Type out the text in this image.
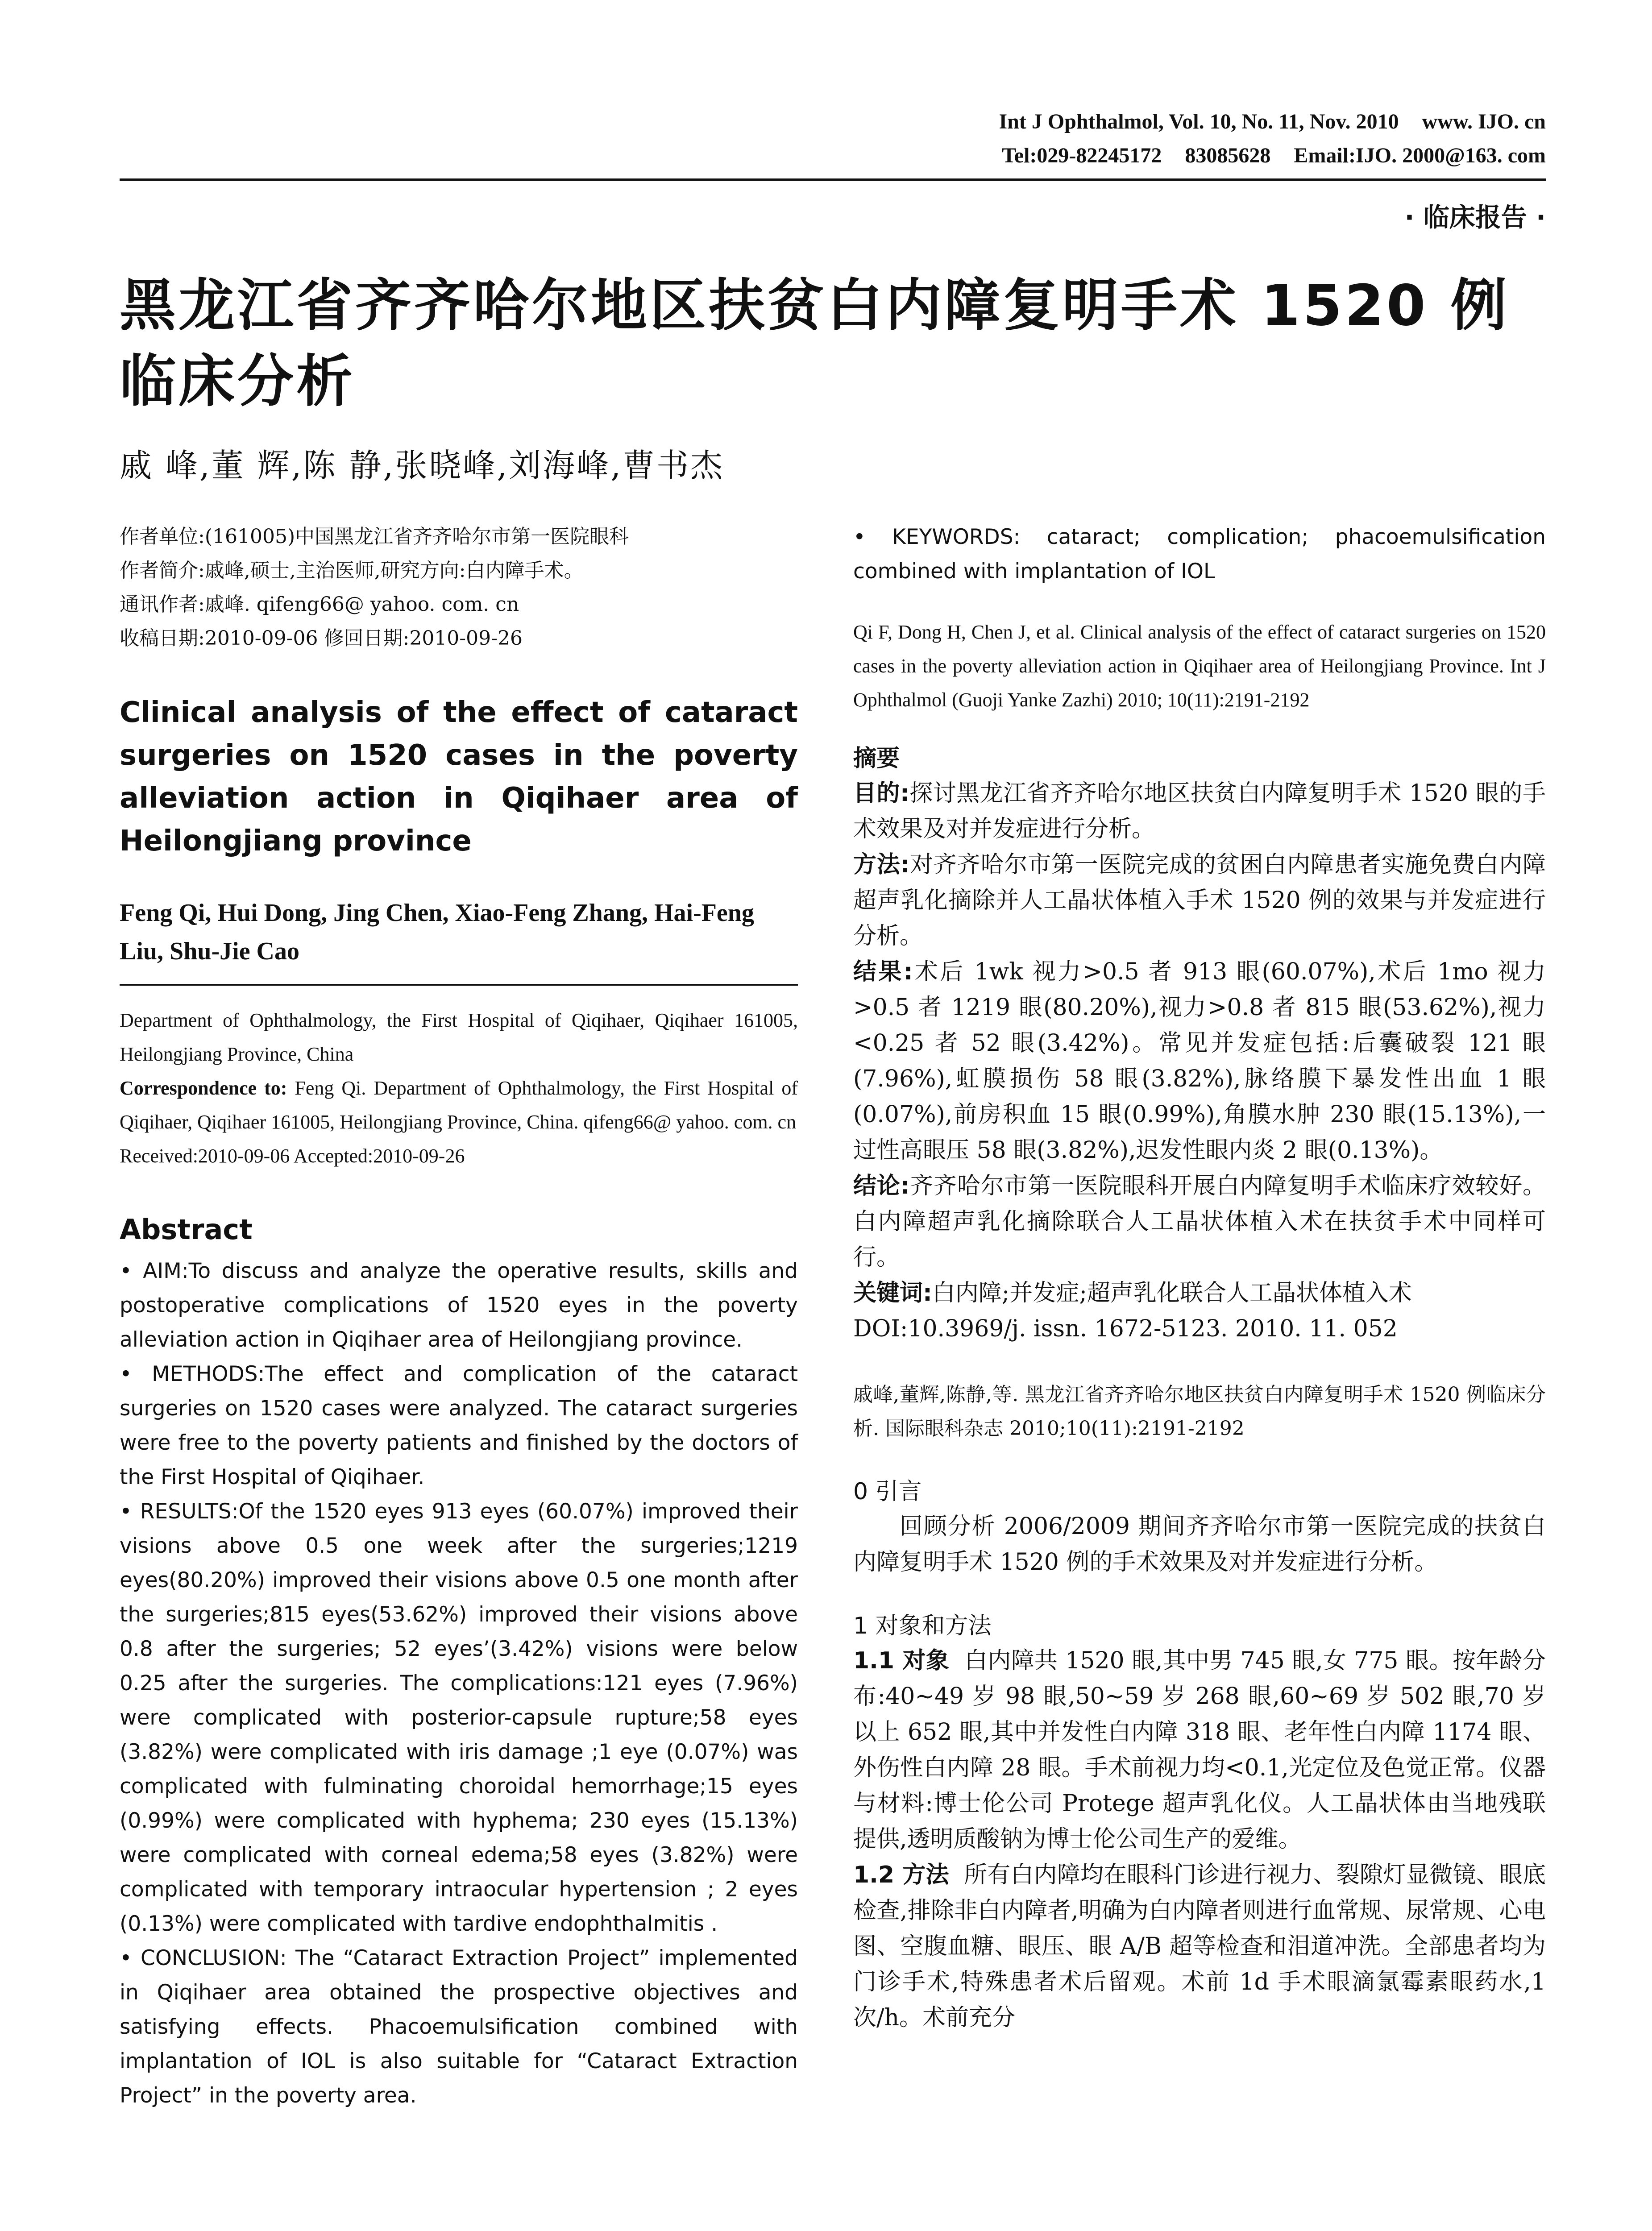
Int J Ophthalmol, Vol. 10, No. 11, Nov. 2010 www. IJO. cn
Tel:029-82245172 83085628 Email:IJO. 2000@163. com
· 临床报告 ·
黑龙江省齐齐哈尔地区扶贫白内障复明手术 1520 例临床分析
戚 峰,董 辉,陈 静,张晓峰,刘海峰,曹书杰
作者单位:(161005)中国黑龙江省齐齐哈尔市第一医院眼科
作者简介:戚峰,硕士,主治医师,研究方向:白内障手术。
通讯作者:戚峰. qifeng66@ yahoo. com. cn
收稿日期:2010-09-06 修回日期:2010-09-26
Clinical analysis of the effect of cataract surgeries on 1520 cases in the poverty alleviation action in Qiqihaer area of Heilongjiang province
Feng Qi, Hui Dong, Jing Chen, Xiao-Feng Zhang, Hai-Feng Liu, Shu-Jie Cao
Department of Ophthalmology, the First Hospital of Qiqihaer, Qiqihaer 161005, Heilongjiang Province, China
Correspondence to: Feng Qi. Department of Ophthalmology, the First Hospital of Qiqihaer, Qiqihaer 161005, Heilongjiang Province, China. qifeng66@ yahoo. com. cn
Received:2010-09-06 Accepted:2010-09-26
Abstract

• AIM:To discuss and analyze the operative results, skills and postoperative complications of 1520 eyes in the poverty alleviation action in Qiqihaer area of Heilongjiang province.

• METHODS:The effect and complication of the cataract surgeries on 1520 cases were analyzed. The cataract surgeries were free to the poverty patients and finished by the doctors of the First Hospital of Qiqihaer.

• RESULTS:Of the 1520 eyes 913 eyes (60.07%) improved their visions above 0.5 one week after the surgeries;1219 eyes(80.20%) improved their visions above 0.5 one month after the surgeries;815 eyes(53.62%) improved their visions above 0.8 after the surgeries; 52 eyes’(3.42%) visions were below 0.25 after the surgeries. The complications:121 eyes (7.96%) were complicated with posterior-capsule rupture;58 eyes (3.82%) were complicated with iris damage ;1 eye (0.07%) was complicated with fulminating choroidal hemorrhage;15 eyes (0.99%) were complicated with hyphema; 230 eyes (15.13%) were complicated with corneal edema;58 eyes (3.82%) were complicated with temporary intraocular hypertension ; 2 eyes (0.13%) were complicated with tardive endophthalmitis .

• CONCLUSION: The “Cataract Extraction Project” implemented in Qiqihaer area obtained the prospective objectives and satisfying effects. Phacoemulsification combined with implantation of IOL is also suitable for “Cataract Extraction Project” in the poverty area.

• KEYWORDS: cataract; complication; phacoemulsification combined with implantation of IOL

Qi F, Dong H, Chen J, et al. Clinical analysis of the effect of cataract surgeries on 1520 cases in the poverty alleviation action in Qiqihaer area of Heilongjiang Province. Int J Ophthalmol (Guoji Yanke Zazhi) 2010; 10(11):2191-2192
摘要

目的:探讨黑龙江省齐齐哈尔地区扶贫白内障复明手术 1520 眼的手术效果及对并发症进行分析。

方法:对齐齐哈尔市第一医院完成的贫困白内障患者实施免费白内障超声乳化摘除并人工晶状体植入手术 1520 例的效果与并发症进行分析。

结果:术后 1wk 视力>0.5 者 913 眼(60.07%),术后 1mo 视力>0.5 者 1219 眼(80.20%),视力>0.8 者 815 眼(53.62%),视力<0.25 者 52 眼(3.42%)。常见并发症包括:后囊破裂 121 眼(7.96%),虹膜损伤 58 眼(3.82%),脉络膜下暴发性出血 1 眼(0.07%),前房积血 15 眼(0.99%),角膜水肿 230 眼(15.13%),一过性高眼压 58 眼(3.82%),迟发性眼内炎 2 眼(0.13%)。

结论:齐齐哈尔市第一医院眼科开展白内障复明手术临床疗效较好。白内障超声乳化摘除联合人工晶状体植入术在扶贫手术中同样可行。

关键词:白内障;并发症;超声乳化联合人工晶状体植入术

DOI:10.3969/j. issn. 1672-5123. 2010. 11. 052

戚峰,董辉,陈静,等. 黑龙江省齐齐哈尔地区扶贫白内障复明手术 1520 例临床分析. 国际眼科杂志 2010;10(11):2191-2192
0 引言

回顾分析 2006/2009 期间齐齐哈尔市第一医院完成的扶贫白内障复明手术 1520 例的手术效果及对并发症进行分析。

1 对象和方法

1.1 对象 白内障共 1520 眼,其中男 745 眼,女 775 眼。按年龄分布:40~49 岁 98 眼,50~59 岁 268 眼,60~69 岁 502 眼,70 岁以上 652 眼,其中并发性白内障 318 眼、老年性白内障 1174 眼、外伤性白内障 28 眼。手术前视力均<0.1,光定位及色觉正常。仪器与材料:博士伦公司 Protege 超声乳化仪。人工晶状体由当地残联提供,透明质酸钠为博士伦公司生产的爱维。

1.2 方法 所有白内障均在眼科门诊进行视力、裂隙灯显微镜、眼底检查,排除非白内障者,明确为白内障者则进行血常规、尿常规、心电图、空腹血糖、眼压、眼 A/B 超等检查和泪道冲洗。全部患者均为门诊手术,特殊患者术后留观。术前 1d 手术眼滴氯霉素眼药水,1 次/h。术前充分
